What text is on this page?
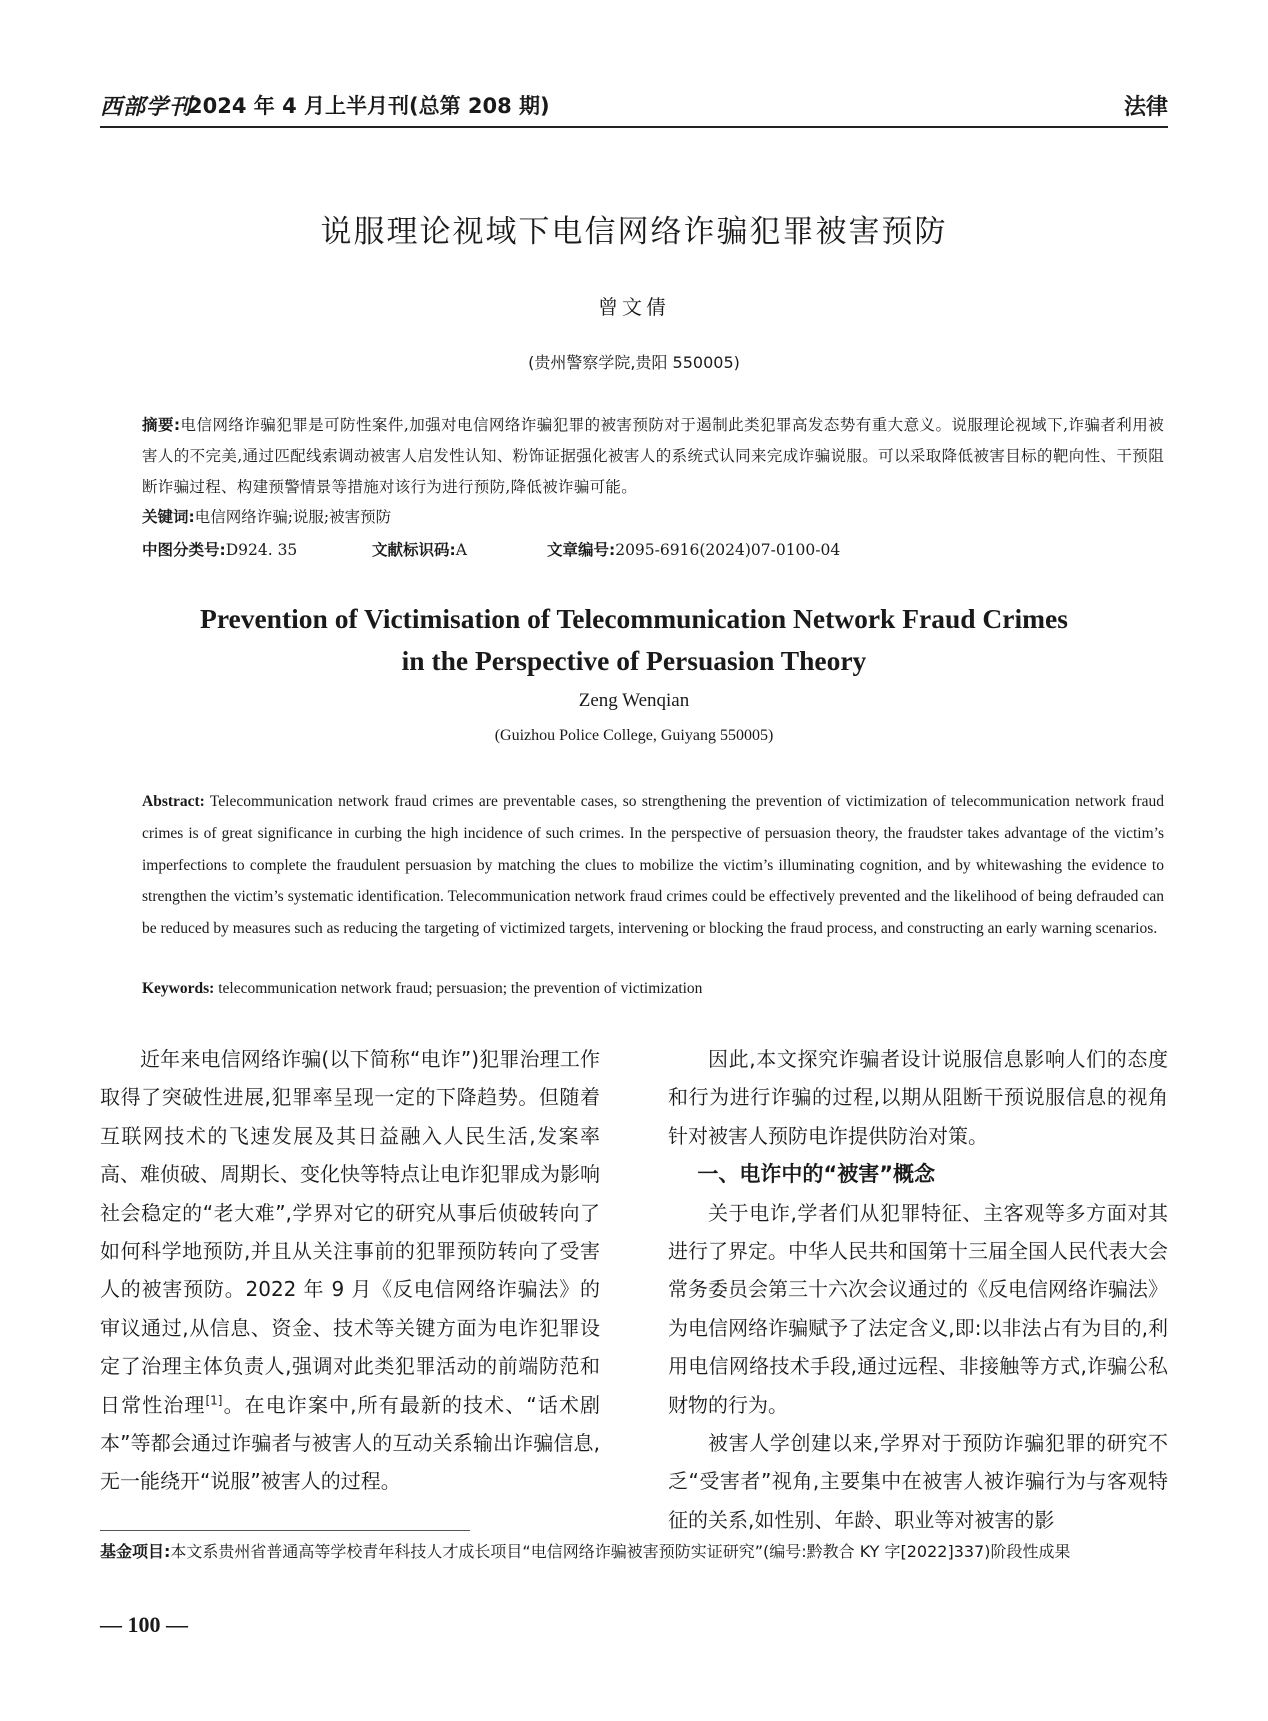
西部学刊
2024 年 4 月上半月刊(总第 208 期)	法律
说服理论视域下电信网络诈骗犯罪被害预防
曾文倩
(贵州警察学院,贵阳 550005)
摘要:电信网络诈骗犯罪是可防性案件,加强对电信网络诈骗犯罪的被害预防对于遏制此类犯罪高发态势有重大意义。说服理论视域下,诈骗者利用被害人的不完美,通过匹配线索调动被害人启发性认知、粉饰证据强化被害人的系统式认同来完成诈骗说服。可以采取降低被害目标的靶向性、干预阻断诈骗过程、构建预警情景等措施对该行为进行预防,降低被诈骗可能。
关键词:电信网络诈骗;说服;被害预防
中图分类号:D924. 35	文献标识码:A	文章编号:2095-6916(2024)07-0100-04
Prevention of Victimisation of Telecommunication Network Fraud Crimes
in the Perspective of Persuasion Theory
Zeng Wenqian
(Guizhou Police College, Guiyang 550005)
Abstract: Telecommunication network fraud crimes are preventable cases, so strengthening the prevention of victimization of telecommunication network fraud crimes is of great significance in curbing the high incidence of such crimes. In the perspective of persuasion theory, the fraudster takes advantage of the victim’s imperfections to complete the fraudulent persuasion by matching the clues to mobilize the victim’s illuminating cognition, and by whitewashing the evidence to strengthen the victim’s systematic identification. Telecommunication network fraud crimes could be effectively prevented and the likelihood of being defrauded can be reduced by measures such as reducing the targeting of victimized targets, intervening or blocking the fraud process, and constructing an early warning scenarios.
Keywords: telecommunication network fraud; persuasion; the prevention of victimization

近年来电信网络诈骗(以下简称“电诈”)犯罪治理工作取得了突破性进展,犯罪率呈现一定的下降趋势。但随着互联网技术的飞速发展及其日益融入人民生活,发案率高、难侦破、周期长、变化快等特点让电诈犯罪成为影响社会稳定的“老大难”,学界对它的研究从事后侦破转向了如何科学地预防,并且从关注事前的犯罪预防转向了受害人的被害预防。2022 年 9 月《反电信网络诈骗法》的审议通过,从信息、资金、技术等关键方面为电诈犯罪设定了治理主体负责人,强调对此类犯罪活动的前端防范和日常性治理[1]。在电诈案中,所有最新的技术、“话术剧本”等都会通过诈骗者与被害人的互动关系输出诈骗信息,无一能绕开“说服”被害人的过程。

因此,本文探究诈骗者设计说服信息影响人们的态度和行为进行诈骗的过程,以期从阻断干预说服信息的视角针对被害人预防电诈提供防治对策。

一、电诈中的“被害”概念

关于电诈,学者们从犯罪特征、主客观等多方面对其进行了界定。中华人民共和国第十三届全国人民代表大会常务委员会第三十六次会议通过的《反电信网络诈骗法》为电信网络诈骗赋予了法定含义,即:以非法占有为目的,利用电信网络技术手段,通过远程、非接触等方式,诈骗公私财物的行为。

被害人学创建以来,学界对于预防诈骗犯罪的研究不乏“受害者”视角,主要集中在被害人被诈骗行为与客观特征的关系,如性别、年龄、职业等对被害的影

基金项目:本文系贵州省普通高等学校青年科技人才成长项目“电信网络诈骗被害预防实证研究”(编号:黔教合 KY 字[2022]337)阶段性成果
— 100 —
